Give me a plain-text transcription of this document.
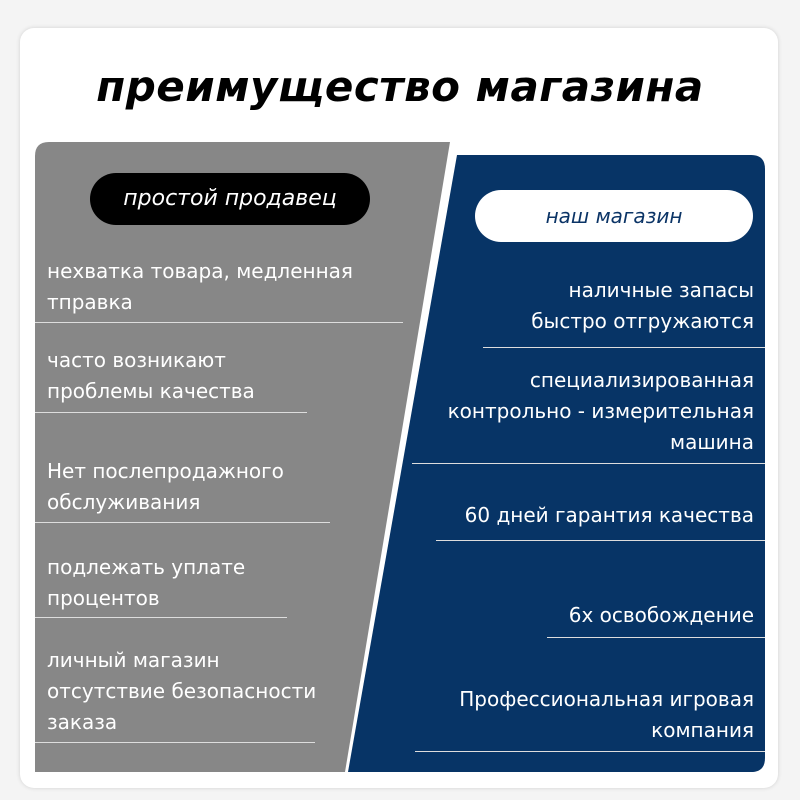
преимущество магазина
простой продавец
наш магазин
нехватка товара, медленная тправка
часто возникают проблемы качества
Нет послепродажного обслуживания
подлежать уплате процентов
личный магазин отсутствие безопасности заказа
наличные запасы быстро отгружаются
специализированная контрольно - измерительная машина
60 дней гарантия качества
6х освобождение
Профессиональная игровая компания
